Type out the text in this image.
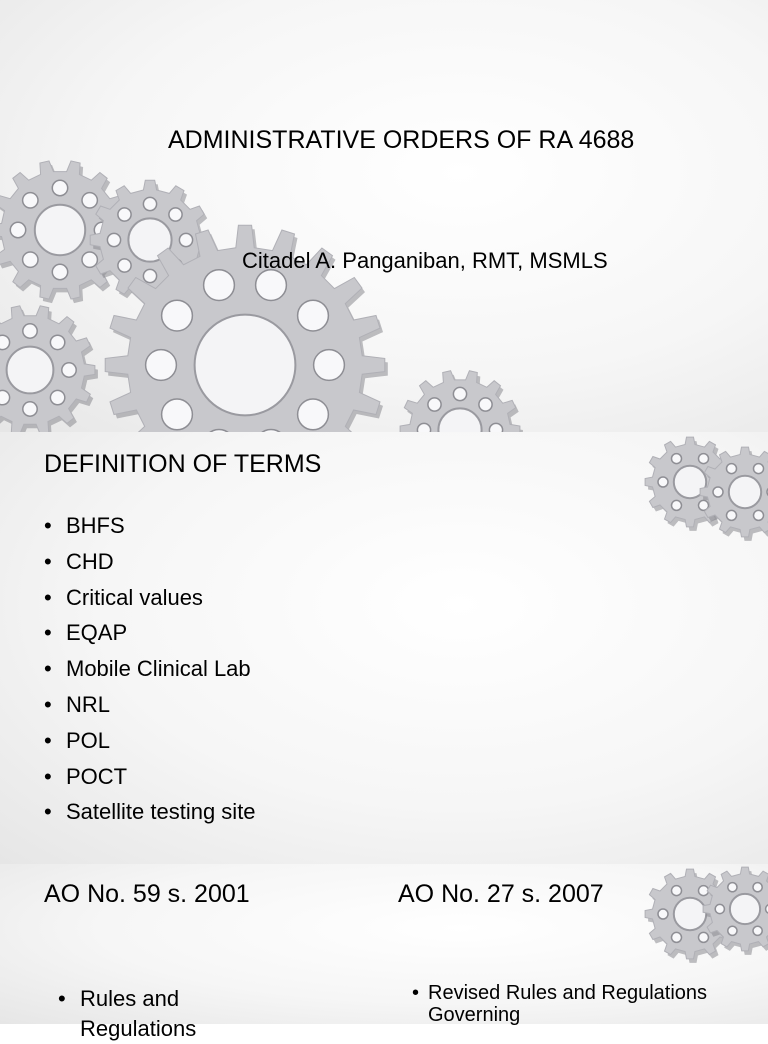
ADMINISTRATIVE ORDERS OF RA 4688
Citadel A. Panganiban, RMT, MSMLS
DEFINITION OF TERMS
• BHFS
• CHD
• Critical values
• EQAP
• Mobile Clinical Lab
• NRL
• POL
• POCT
• Satellite testing site
AO No. 59 s. 2001	AO No. 27 s. 2007
• Rules and Regulations
• Revised Rules and Regulations Governing
